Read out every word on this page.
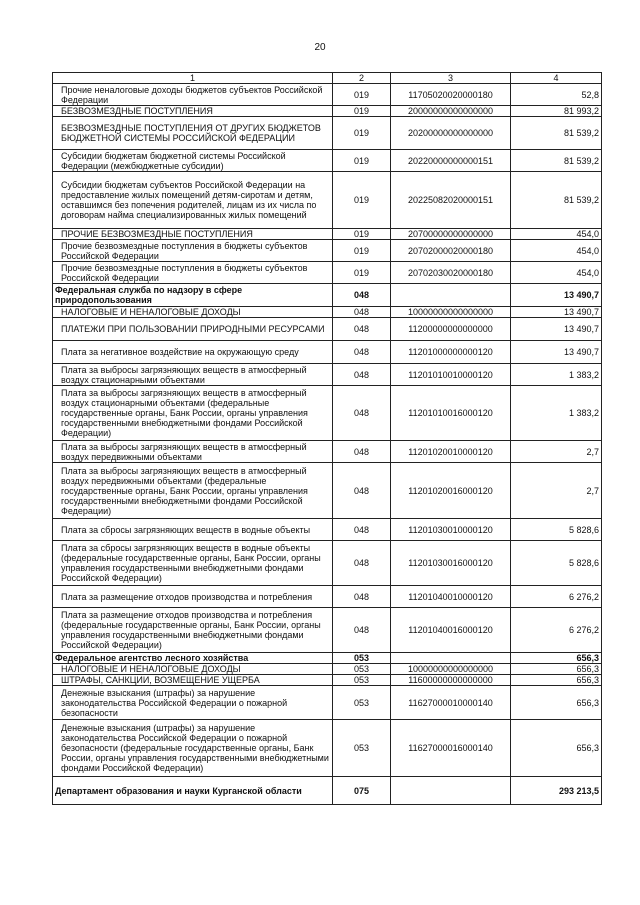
20
1	2	3	4

Прочие неналоговые доходы бюджетов субъектов Российской Федерации	019	11705020020000180	52,8

БЕЗВОЗМЕЗДНЫЕ ПОСТУПЛЕНИЯ	019	20000000000000000	81 993,2

БЕЗВОЗМЕЗДНЫЕ ПОСТУПЛЕНИЯ ОТ ДРУГИХ БЮДЖЕТОВ БЮДЖЕТНОЙ СИСТЕМЫ РОССИЙСКОЙ ФЕДЕРАЦИИ	019	20200000000000000	81 539,2

Субсидии бюджетам бюджетной системы Российской Федерации (межбюджетные субсидии)	019	20220000000000151	81 539,2

Субсидии бюджетам субъектов Российской Федерации на предоставление жилых помещений детям-сиротам и детям, оставшимся без попечения родителей, лицам из их числа по договорам найма специализированных жилых помещений	019	20225082020000151	81 539,2

ПРОЧИЕ БЕЗВОЗМЕЗДНЫЕ ПОСТУПЛЕНИЯ	019	20700000000000000	454,0

Прочие безвозмездные поступления в бюджеты субъектов Российской Федерации	019	20702000020000180	454,0

Прочие безвозмездные поступления в бюджеты субъектов Российской Федерации	019	20702030020000180	454,0

Федеральная служба по надзору в сфере природопользования	048		13 490,7

НАЛОГОВЫЕ И НЕНАЛОГОВЫЕ ДОХОДЫ	048	10000000000000000	13 490,7

ПЛАТЕЖИ ПРИ ПОЛЬЗОВАНИИ ПРИРОДНЫМИ РЕСУРСАМИ	048	11200000000000000	13 490,7

Плата за негативное воздействие на окружающую среду	048	11201000000000120	13 490,7

Плата за выбросы загрязняющих веществ в атмосферный воздух стационарными объектами	048	11201010010000120	1 383,2

Плата за выбросы загрязняющих веществ в атмосферный воздух стационарными объектами (федеральные государственные органы, Банк России, органы управления государственными внебюджетными фондами Российской Федерации)	048	11201010016000120	1 383,2

Плата за выбросы загрязняющих веществ в атмосферный воздух передвижными объектами	048	11201020010000120	2,7

Плата за выбросы загрязняющих веществ в атмосферный воздух передвижными объектами (федеральные государственные органы, Банк России, органы управления государственными внебюджетными фондами Российской Федерации)	048	11201020016000120	2,7

Плата за сбросы загрязняющих веществ в водные объекты	048	11201030010000120	5 828,6

Плата за сбросы загрязняющих веществ в водные объекты (федеральные государственные органы, Банк России, органы управления государственными внебюджетными фондами Российской Федерации)	048	11201030016000120	5 828,6

Плата за размещение отходов производства и потребления	048	11201040010000120	6 276,2

Плата за размещение отходов производства и потребления (федеральные государственные органы, Банк России, органы управления государственными внебюджетными фондами Российской Федерации)	048	11201040016000120	6 276,2

Федеральное агентство лесного хозяйства	053		656,3

НАЛОГОВЫЕ И НЕНАЛОГОВЫЕ ДОХОДЫ	053	10000000000000000	656,3

ШТРАФЫ, САНКЦИИ, ВОЗМЕЩЕНИЕ УЩЕРБА	053	11600000000000000	656,3

Денежные взыскания (штрафы) за нарушение законодательства Российской Федерации о пожарной безопасности	053	11627000010000140	656,3

Денежные взыскания (штрафы) за нарушение законодательства Российской Федерации о пожарной безопасности (федеральные государственные органы, Банк России, органы управления государственными внебюджетными фондами Российской Федерации)	053	11627000016000140	656,3

Департамент образования и науки Курганской области	075		293 213,5
